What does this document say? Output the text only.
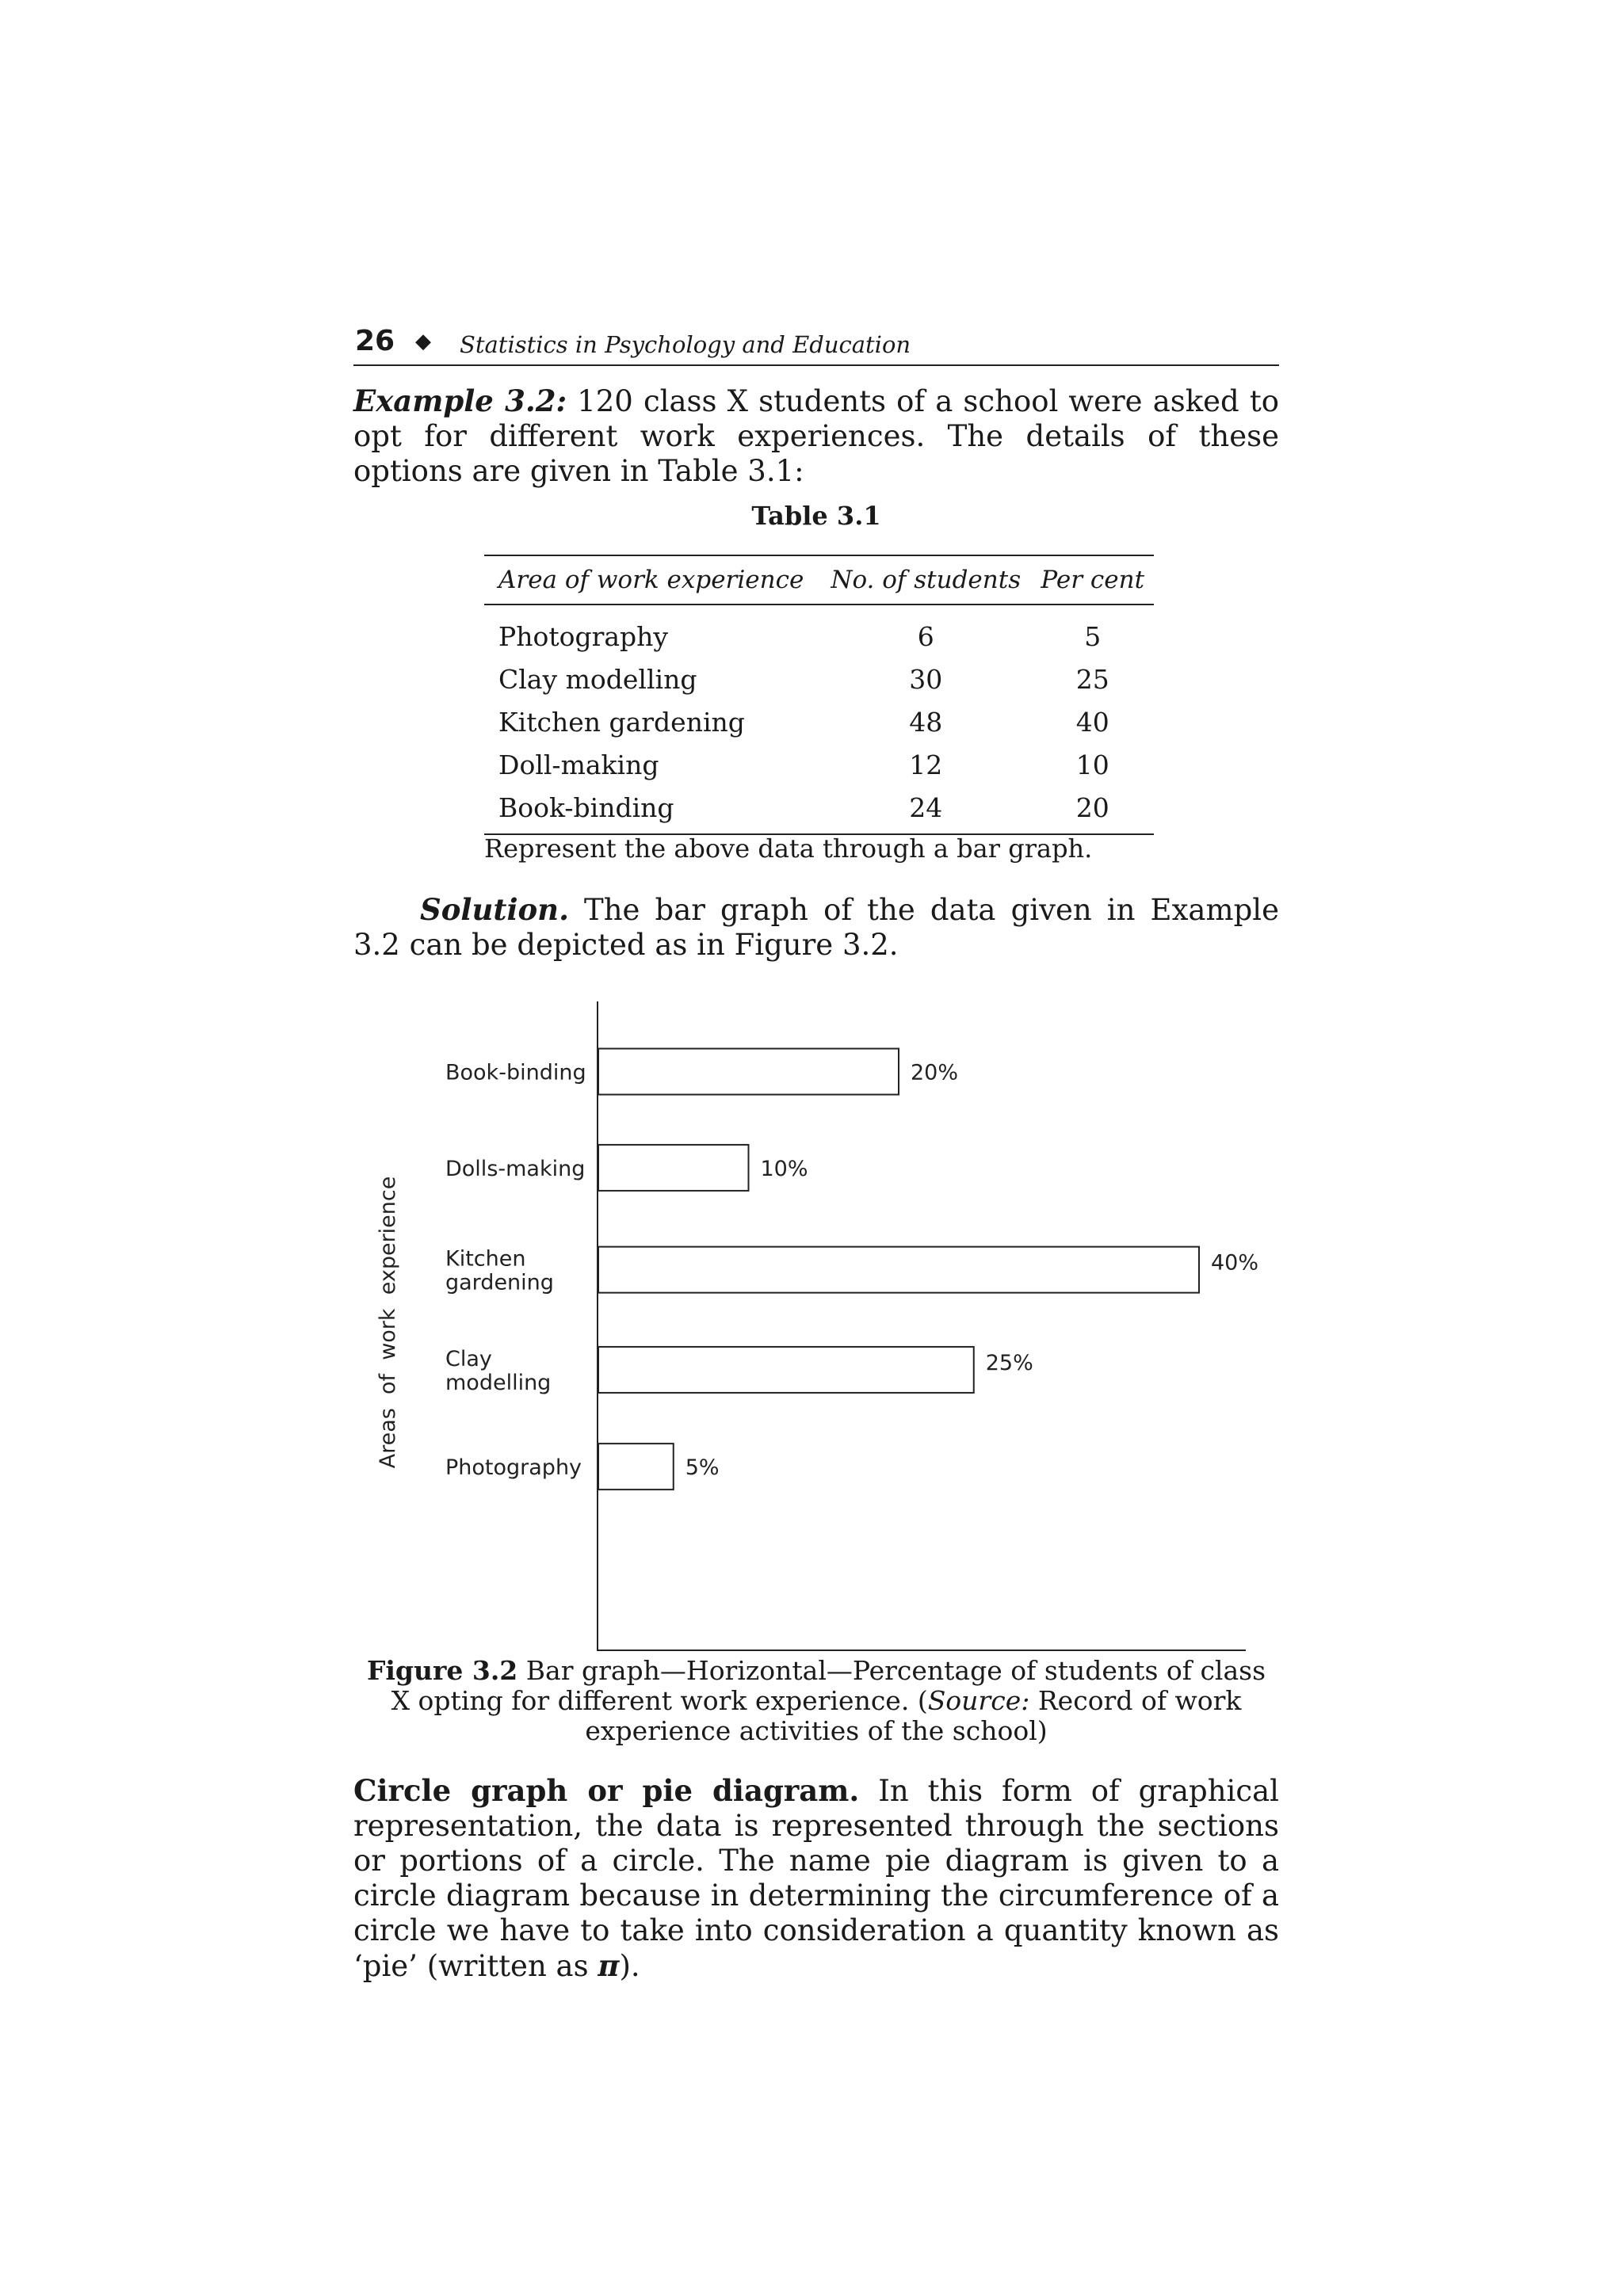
26 ◆ Statistics in Psychology and Education

Example 3.2: 120 class X students of a school were asked to opt for different work experiences. The details of these options are given in Table 3.1:

Table 3.1
Area of work experience	No. of students	Per cent
Photography	6	5
Clay modelling	30	25
Kitchen gardening	48	40
Doll-making	12	10
Book-binding	24	20
Represent the above data through a bar graph.

Solution. The bar graph of the data given in Example 3.2 can be depicted as in Figure 3.2.

Areas  of  work  experience
20%
Book-binding
10%
Dolls-making
40%
Kitchen gardening
25%
Clay modelling
5%
Photography
Figure 3.2 Bar graph—Horizontal—Percentage of students of class X opting for different work experience. (Source: Record of work experience activities of the school)

Circle graph or pie diagram. In this form of graphical representation, the data is represented through the sections or portions of a circle. The name pie diagram is given to a circle diagram because in determining the circumference of a circle we have to take into consideration a quantity known as ‘pie’ (written as π).
